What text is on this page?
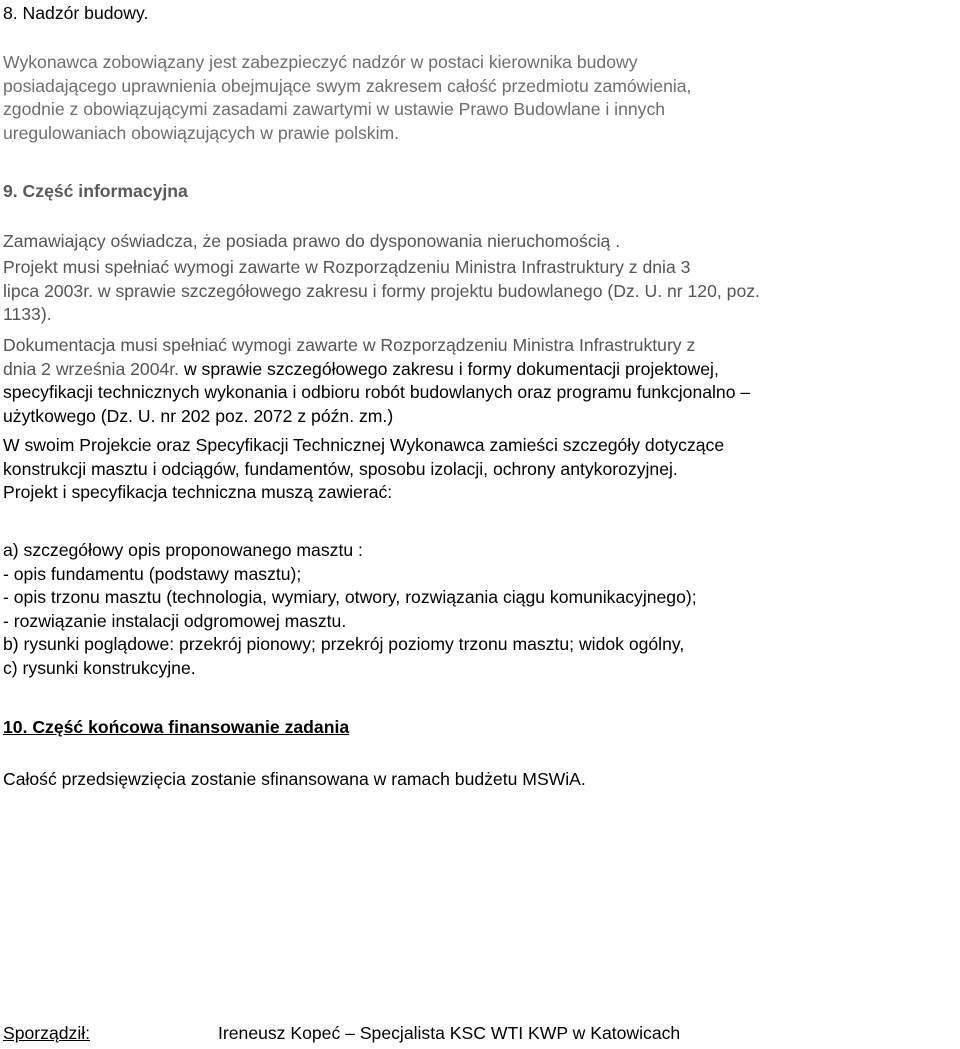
8. Nadzór budowy.

Wykonawca zobowiązany jest zabezpieczyć nadzór w postaci kierownika budowy

posiadającego uprawnienia obejmujące swym zakresem całość przedmiotu zamówienia,

zgodnie z obowiązującymi zasadami zawartymi w ustawie Prawo Budowlane i innych

uregulowaniach obowiązujących w prawie polskim.

9. Część informacyjna

Zamawiający oświadcza, że posiada prawo do dysponowania nieruchomością .

Projekt musi spełniać wymogi zawarte w Rozporządzeniu Ministra Infrastruktury z dnia 3

lipca 2003r. w sprawie szczegółowego zakresu i formy projektu budowlanego (Dz. U. nr 120, poz.

1133).

Dokumentacja musi spełniać wymogi zawarte w Rozporządzeniu Ministra Infrastruktury z

dnia 2 września 2004r. w sprawie szczegółowego zakresu i formy dokumentacji projektowej,

specyfikacji technicznych wykonania i odbioru robót budowlanych oraz programu funkcjonalno –

użytkowego (Dz. U. nr 202 poz. 2072 z późn. zm.)

W swoim Projekcie oraz Specyfikacji Technicznej Wykonawca zamieści szczegóły dotyczące

konstrukcji masztu i odciągów, fundamentów, sposobu izolacji, ochrony antykorozyjnej.

Projekt i specyfikacja techniczna muszą zawierać:

a) szczegółowy opis proponowanego masztu :

- opis fundamentu (podstawy masztu);

- opis trzonu masztu (technologia, wymiary, otwory, rozwiązania ciągu komunikacyjnego);

- rozwiązanie instalacji odgromowej masztu.

b) rysunki poglądowe: przekrój pionowy; przekrój poziomy trzonu masztu; widok ogólny,

c) rysunki konstrukcyjne.

10. Część końcowa finansowanie zadania

Całość przedsięwzięcia zostanie sfinansowana w ramach budżetu MSWiA.

Sporządził:	Ireneusz Kopeć – Specjalista KSC WTI KWP w Katowicach
